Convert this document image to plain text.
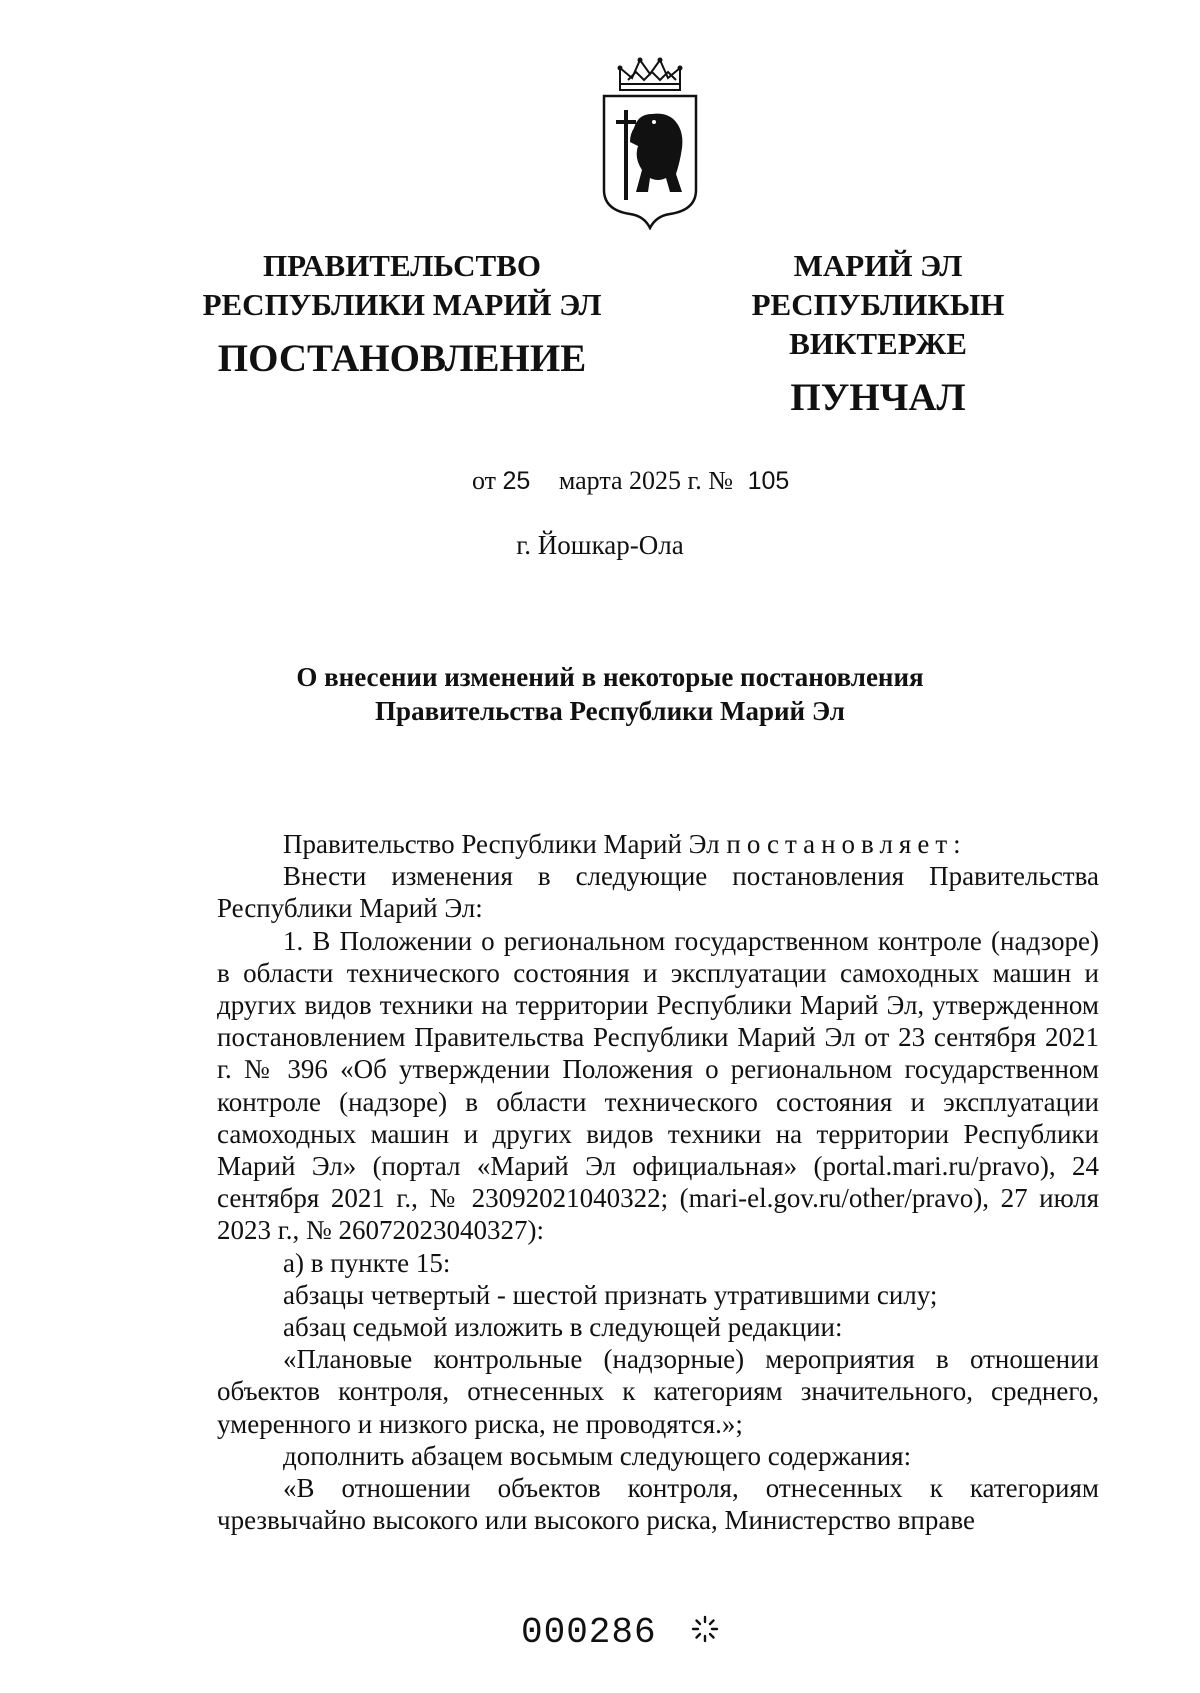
ПРАВИТЕЛЬСТВО
РЕСПУБЛИКИ МАРИЙ ЭЛ
ПОСТАНОВЛЕНИЕ
МАРИЙ ЭЛ РЕСПУБЛИКЫН
ВИКТЕРЖЕ
ПУНЧАЛ
от 25 марта 2025 г. № 105
г. Йошкар-Ола
О внесении изменений в некоторые постановления
Правительства Республики Марий Эл

Правительство Республики Марий Эл постановляет:

Внести изменения в следующие постановления Правительства Республики Марий Эл:

1. В Положении о региональном государственном контроле (надзоре) в области технического состояния и эксплуатации самоходных машин и других видов техники на территории Республики Марий Эл, утвержденном постановлением Правительства Республики Марий Эл от 23 сентября 2021 г. № 396 «Об утверждении Положения о региональном государственном контроле (надзоре) в области технического состояния и эксплуатации самоходных машин и других видов техники на территории Республики Марий Эл» (портал «Марий Эл официальная» (portal.mari.ru/pravo), 24 сентября 2021 г., № 23092021040322; (mari-el.gov.ru/other/pravo), 27 июля 2023 г., № 26072023040327):

а) в пункте 15:

абзацы четвертый - шестой признать утратившими силу;

абзац седьмой изложить в следующей редакции:

«Плановые контрольные (надзорные) мероприятия в отношении объектов контроля, отнесенных к категориям значительного, среднего, умеренного и низкого риска, не проводятся.»;

дополнить абзацем восьмым следующего содержания:

«В отношении объектов контроля, отнесенных к категориям чрезвычайно высокого или высокого риска, Министерство вправе

000286
